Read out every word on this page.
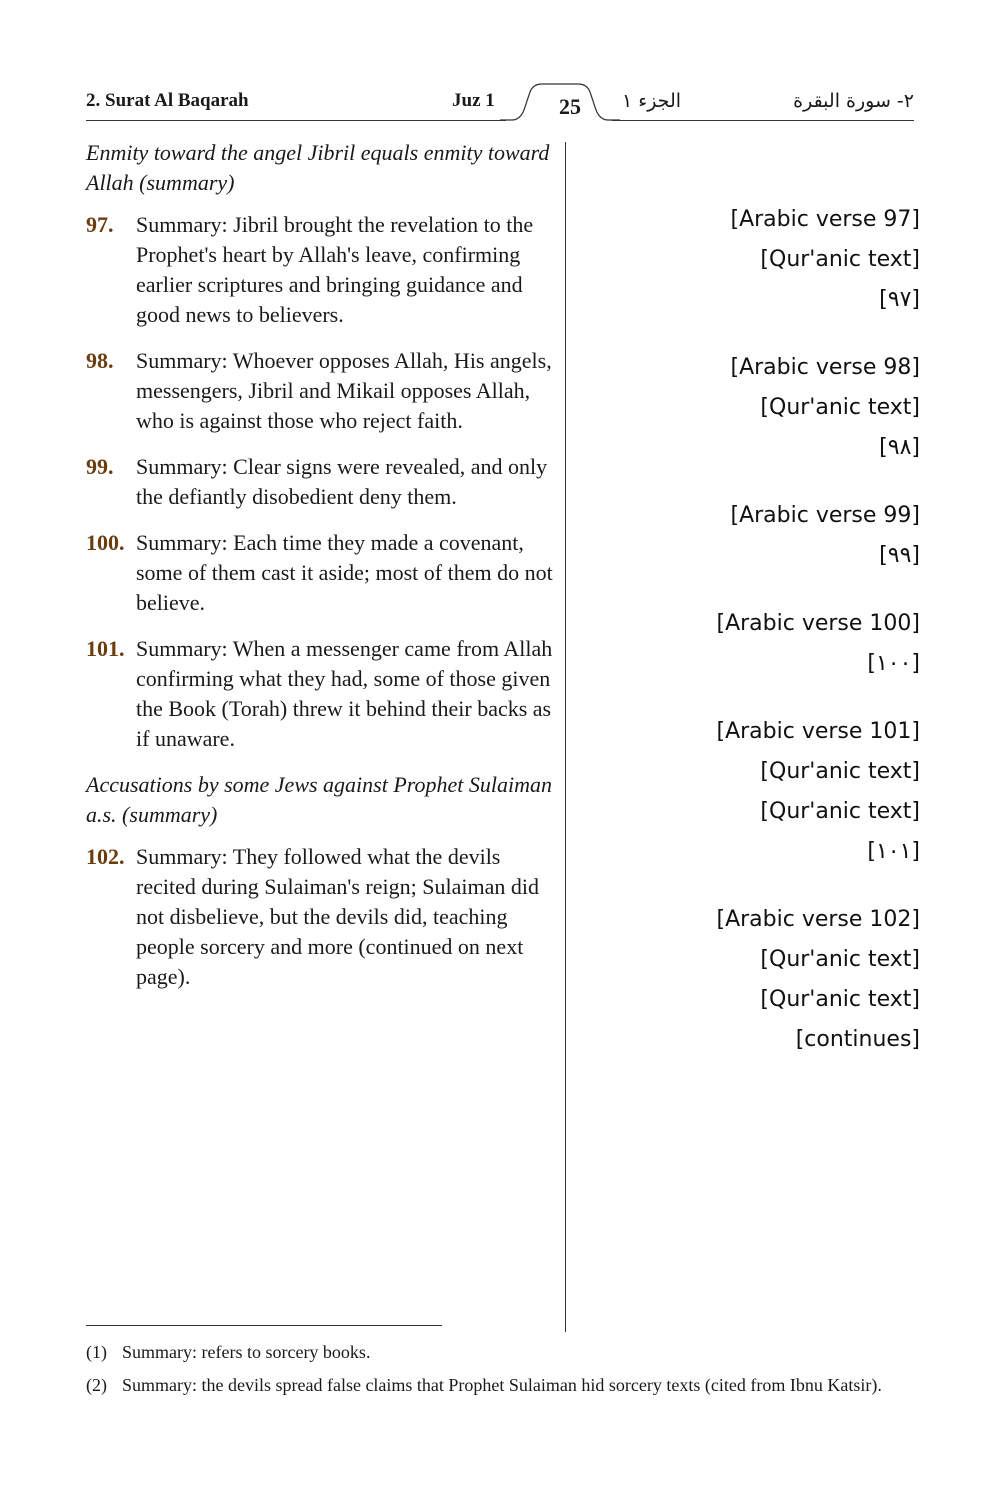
2. Surat Al Baqarah	Juz 1	25	الجزء ١	٢- سورة البقرة

Enmity toward the angel Jibril equals enmity toward Allah (summary)

97.	Summary: Jibril brought the revelation to the Prophet's heart by Allah's leave, confirming earlier scriptures and bringing guidance and good news to believers.
98.	Summary: Whoever opposes Allah, His angels, messengers, Jibril and Mikail opposes Allah, who is against those who reject faith.
99.	Summary: Clear signs were revealed, and only the defiantly disobedient deny them.
100. Summary: Each time they made a covenant, some of them cast it aside; most of them do not believe.
101. Summary: When a messenger came from Allah confirming what they had, some of those given the Book (Torah) threw it behind their backs as if unaware.

Accusations by some Jews against Prophet Sulaiman a.s. (summary)

102. Summary: They followed what the devils recited during Sulaiman's reign; Sulaiman did not disbelieve, but the devils did, teaching people sorcery and more (continued on next page).
[Arabic verse 97]
[Qur'anic text]
[٩٧]
[Arabic verse 98]
[Qur'anic text]
[٩٨]
[Arabic verse 99]
[٩٩]
[Arabic verse 100]
[١٠٠]
[Arabic verse 101]
[Qur'anic text]
[Qur'anic text]
[١٠١]
[Arabic verse 102]
[Qur'anic text]
[Qur'anic text]
[continues]
(1) Summary: refers to sorcery books.
(2) Summary: the devils spread false claims that Prophet Sulaiman hid sorcery texts (cited from Ibnu Katsir).
